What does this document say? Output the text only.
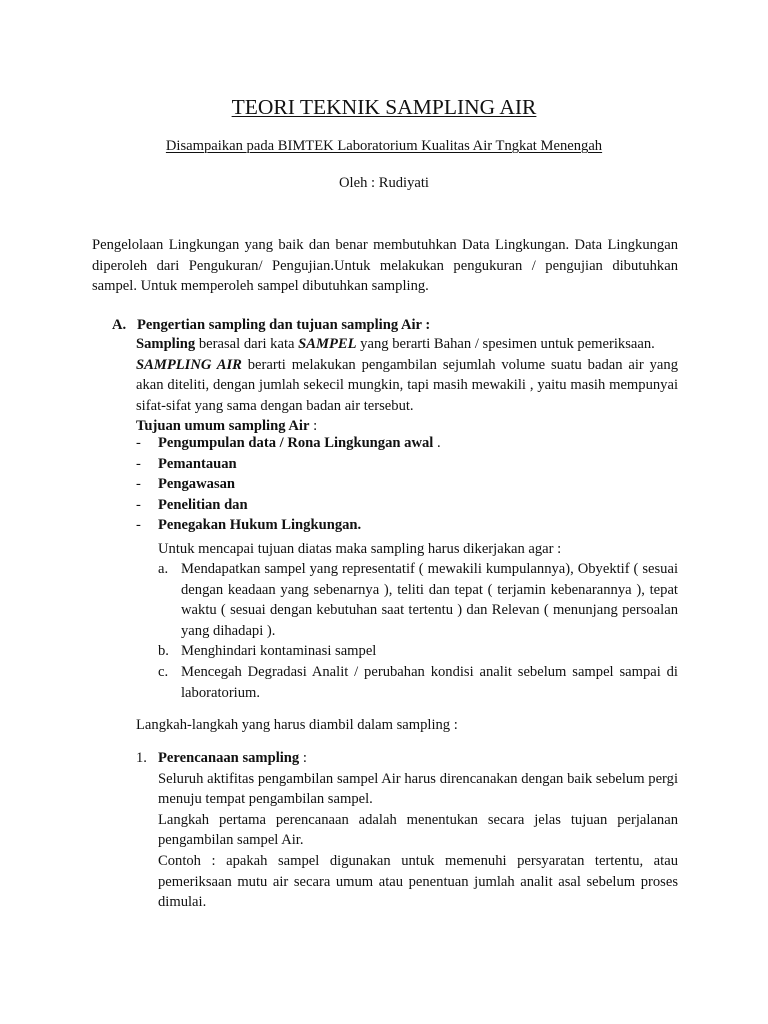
TEORI TEKNIK SAMPLING AIR
Disampaikan pada BIMTEK Laboratorium Kualitas Air Tngkat Menengah
Oleh : Rudiyati
Pengelolaan Lingkungan yang baik dan benar membutuhkan Data Lingkungan. Data Lingkungan diperoleh dari Pengukuran/ Pengujian.Untuk melakukan pengukuran / pengujian dibutuhkan sampel. Untuk memperoleh sampel dibutuhkan sampling.
A. Pengertian sampling dan tujuan sampling Air :
Sampling berasal dari kata SAMPEL yang berarti Bahan / spesimen untuk pemeriksaan.
SAMPLING AIR berarti melakukan pengambilan sejumlah volume suatu badan air yang akan diteliti, dengan jumlah sekecil mungkin, tapi masih mewakili , yaitu masih mempunyai sifat-sifat yang sama dengan badan air tersebut.
Tujuan umum sampling Air :
- Pengumpulan data / Rona Lingkungan awal .
- Pemantauan
- Pengawasan
- Penelitian dan
- Penegakan Hukum Lingkungan.
Untuk mencapai tujuan diatas maka sampling harus dikerjakan agar :
a. Mendapatkan sampel yang representatif ( mewakili kumpulannya), Obyektif ( sesuai dengan keadaan yang sebenarnya ), teliti dan tepat ( terjamin kebenarannya ), tepat waktu ( sesuai dengan kebutuhan saat tertentu ) dan Relevan ( menunjang persoalan yang dihadapi ).
b. Menghindari kontaminasi sampel
c. Mencegah Degradasi Analit / perubahan kondisi analit sebelum sampel sampai di laboratorium.
Langkah-langkah yang harus diambil dalam sampling :
1. Perencanaan sampling :
Seluruh aktifitas pengambilan sampel Air harus direncanakan dengan baik sebelum pergi menuju tempat pengambilan sampel.
Langkah pertama perencanaan adalah menentukan secara jelas tujuan perjalanan pengambilan sampel Air.
Contoh : apakah sampel digunakan untuk memenuhi persyaratan tertentu, atau pemeriksaan mutu air secara umum atau penentuan jumlah analit asal sebelum proses dimulai.
